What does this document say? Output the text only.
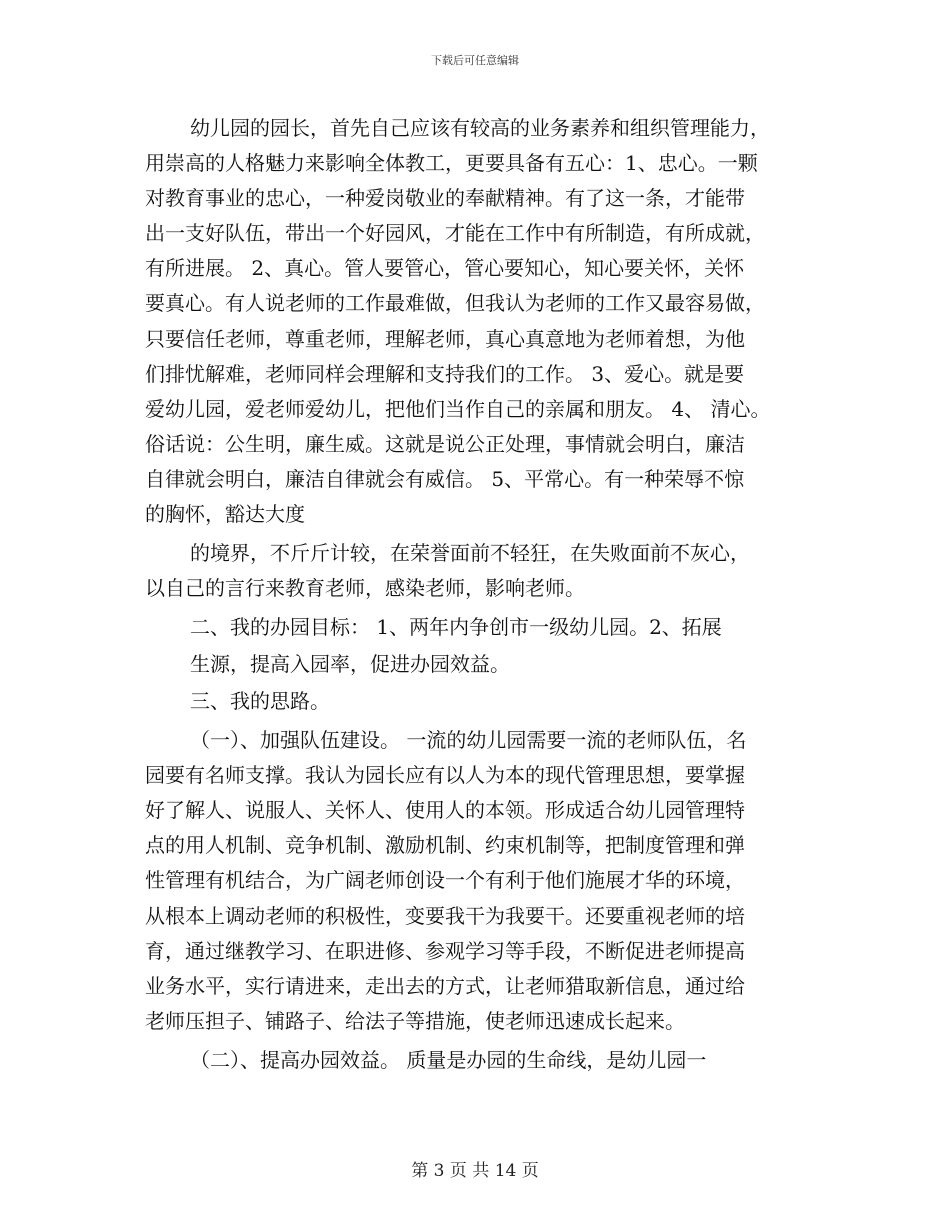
下载后可任意编辑
幼儿园的园长，首先自己应该有较高的业务素养和组织管理能力，
用崇高的人格魅力来影响全体教工，更要具备有五心：1、忠心。一颗
对教育事业的忠心，一种爱岗敬业的奉献精神。有了这一条，才能带
出一支好队伍，带出一个好园风，才能在工作中有所制造，有所成就，
有所进展。 2、真心。管人要管心，管心要知心，知心要关怀，关怀
要真心。有人说老师的工作最难做，但我认为老师的工作又最容易做，
只要信任老师，尊重老师，理解老师，真心真意地为老师着想，为他
们排忧解难，老师同样会理解和支持我们的工作。 3、爱心。就是要
爱幼儿园，爱老师爱幼儿，把他们当作自己的亲属和朋友。 4、 清心。
俗话说：公生明，廉生威。这就是说公正处理，事情就会明白，廉洁
自律就会明白，廉洁自律就会有威信。 5、平常心。有一种荣辱不惊
的胸怀，豁达大度
的境界，不斤斤计较，在荣誉面前不轻狂，在失败面前不灰心，
以自己的言行来教育老师，感染老师，影响老师。
二、我的办园目标： 1、两年内争创市一级幼儿园。2、拓展
生源，提高入园率，促进办园效益。
三、我的思路。
（一）、加强队伍建设。 一流的幼儿园需要一流的老师队伍，名
园要有名师支撑。我认为园长应有以人为本的现代管理思想，要掌握
好了解人、说服人、关怀人、使用人的本领。形成适合幼儿园管理特
点的用人机制、竞争机制、激励机制、约束机制等，把制度管理和弹
性管理有机结合，为广阔老师创设一个有利于他们施展才华的环境，
从根本上调动老师的积极性，变要我干为我要干。还要重视老师的培
育，通过继教学习、在职进修、参观学习等手段，不断促进老师提高
业务水平，实行请进来，走出去的方式，让老师猎取新信息，通过给
老师压担子、铺路子、给法子等措施，使老师迅速成长起来。
（二）、提高办园效益。 质量是办园的生命线，是幼儿园一
第 3 页 共 14 页
